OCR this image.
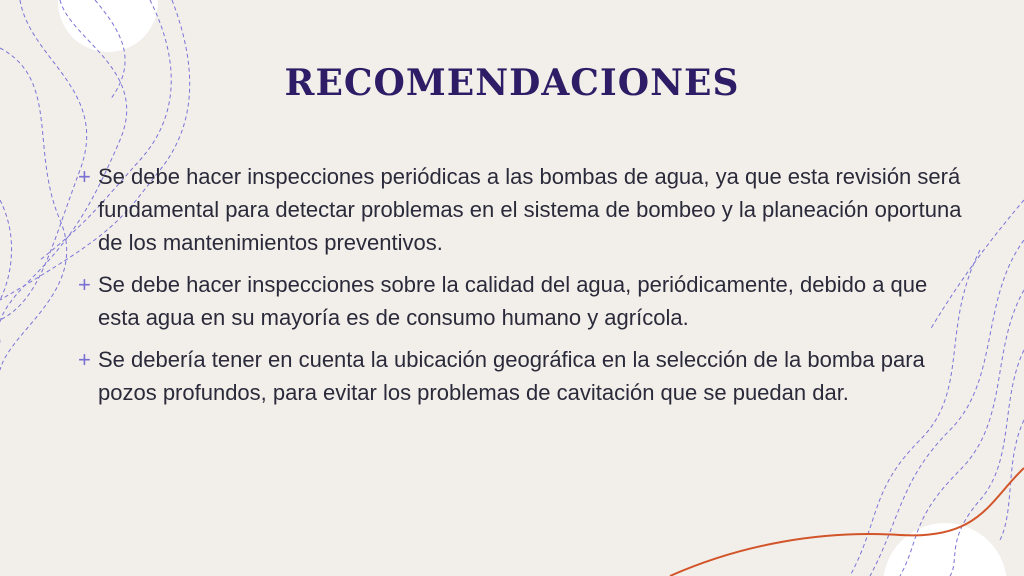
RECOMENDACIONES
+ Se debe hacer inspecciones periódicas a las bombas de agua, ya que esta revisión será fundamental para detectar problemas en el sistema de bombeo y la planeación oportuna de los mantenimientos preventivos.
+ Se debe hacer inspecciones sobre la calidad del agua, periódicamente, debido a que esta agua en su mayoría es de consumo humano y agrícola.
+ Se debería tener en cuenta la ubicación geográfica en la selección de la bomba para pozos profundos, para evitar los problemas de cavitación que se puedan dar.
